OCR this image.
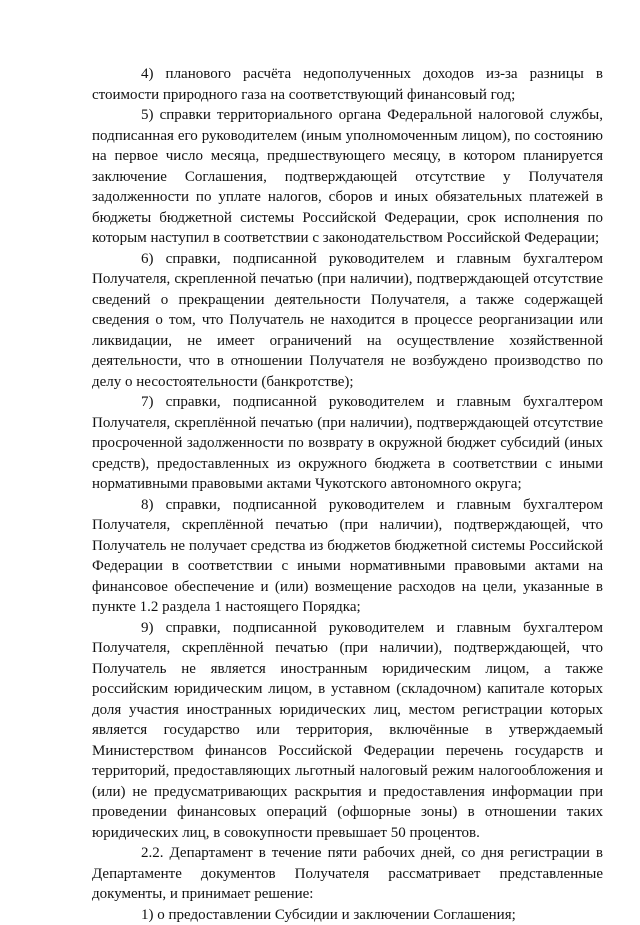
4) планового расчёта недополученных доходов из-за разницы в стоимости природного газа на соответствующий финансовый год;

5) справки территориального органа Федеральной налоговой службы, подписанная его руководителем (иным уполномоченным лицом), по состоянию на первое число месяца, предшествующего месяцу, в котором планируется заключение Соглашения, подтверждающей отсутствие у Получателя задолженности по уплате налогов, сборов и иных обязательных платежей в бюджеты бюджетной системы Российской Федерации, срок исполнения по которым наступил в соответствии с законодательством Российской Федерации;

6) справки, подписанной руководителем и главным бухгалтером Получателя, скрепленной печатью (при наличии), подтверждающей отсутствие сведений о прекращении деятельности Получателя, а также содержащей сведения о том, что Получатель не находится в процессе реорганизации или ликвидации, не имеет ограничений на осуществление хозяйственной деятельности, что в отношении Получателя не возбуждено производство по делу о несостоятельности (банкротстве);

7) справки, подписанной руководителем и главным бухгалтером Получателя, скреплённой печатью (при наличии), подтверждающей отсутствие просроченной задолженности по возврату в окружной бюджет субсидий (иных средств), предоставленных из окружного бюджета в соответствии с иными нормативными правовыми актами Чукотского автономного округа;

8) справки, подписанной руководителем и главным бухгалтером Получателя, скреплённой печатью (при наличии), подтверждающей, что Получатель не получает средства из бюджетов бюджетной системы Российской Федерации в соответствии с иными нормативными правовыми актами на финансовое обеспечение и (или) возмещение расходов на цели, указанные в пункте 1.2 раздела 1 настоящего Порядка;

9) справки, подписанной руководителем и главным бухгалтером Получателя, скреплённой печатью (при наличии), подтверждающей, что Получатель не является иностранным юридическим лицом, а также российским юридическим лицом, в уставном (складочном) капитале которых доля участия иностранных юридических лиц, местом регистрации которых является государство или территория, включённые в утверждаемый Министерством финансов Российской Федерации перечень государств и территорий, предоставляющих льготный налоговый режим налогообложения и (или) не предусматривающих раскрытия и предоставления информации при проведении финансовых операций (офшорные зоны) в отношении таких юридических лиц, в совокупности превышает 50 процентов.

2.2. Департамент в течение пяти рабочих дней, со дня регистрации в Департаменте документов Получателя рассматривает представленные документы, и принимает решение:

1) о предоставлении Субсидии и заключении Соглашения;
